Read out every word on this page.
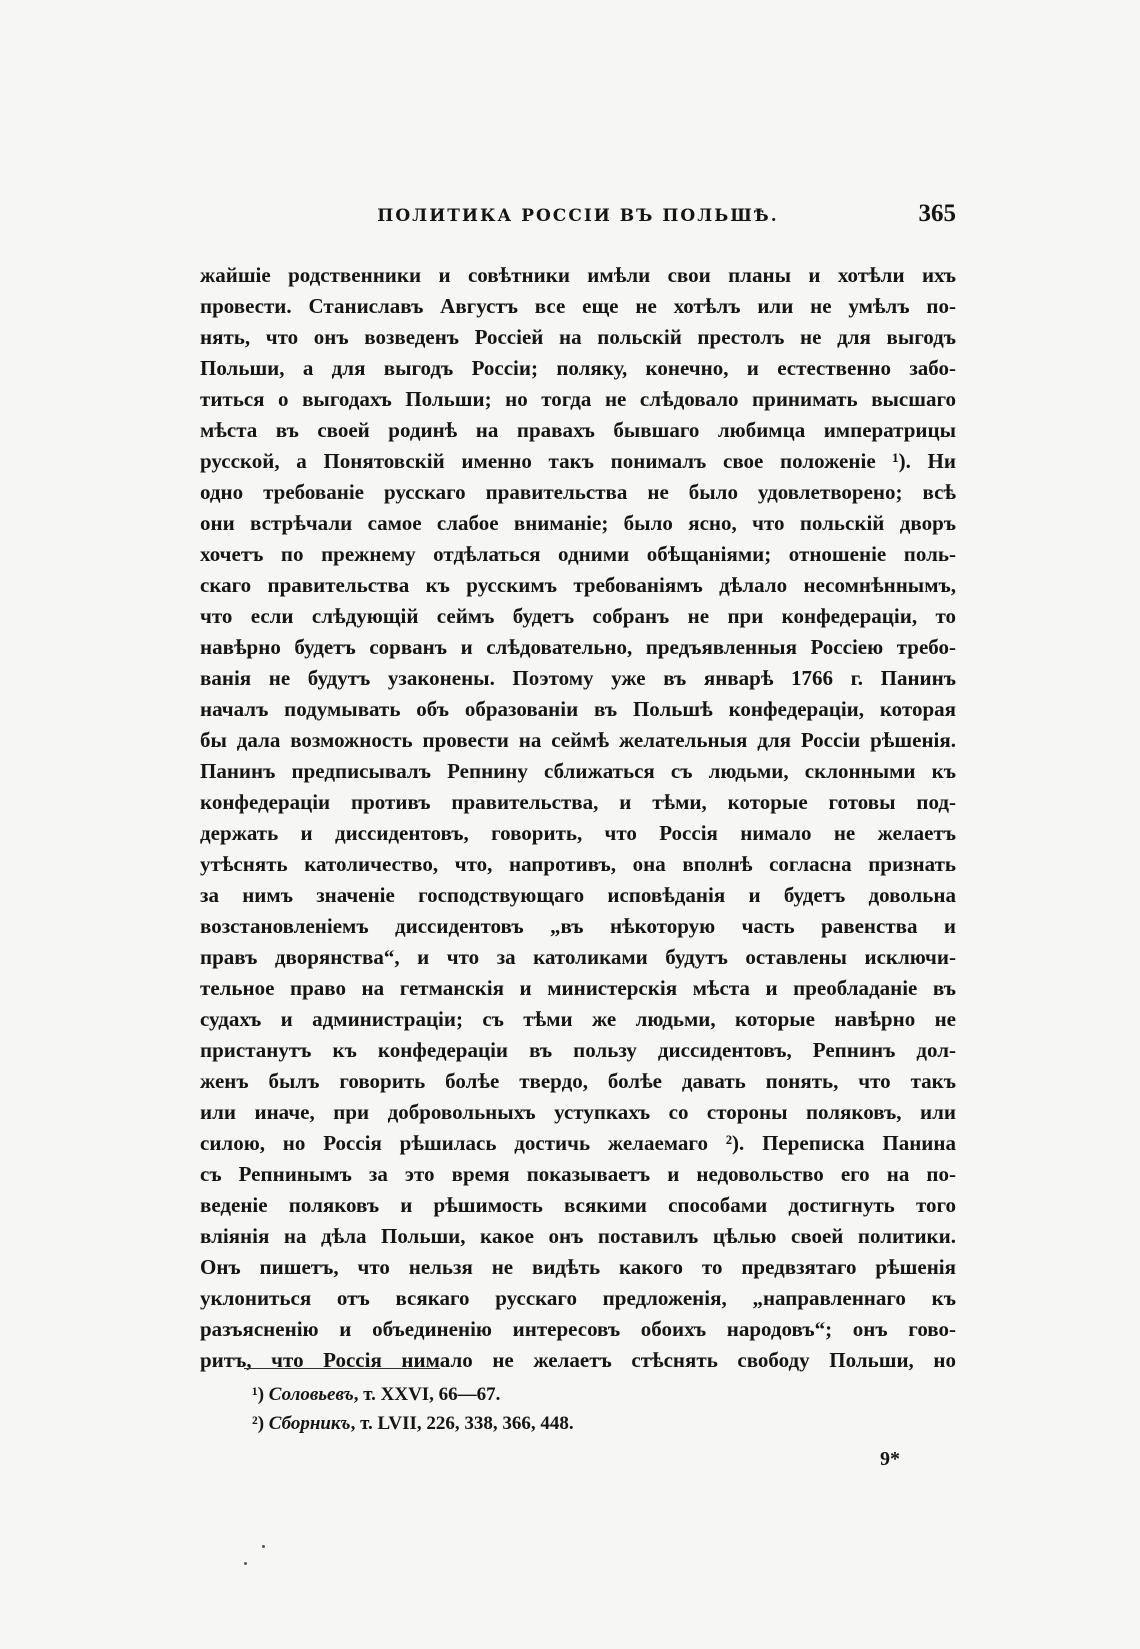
ПОЛИТИКА РОССІИ ВЪ ПОЛЬШѢ.	365
жайшіе родственники и совѣтники имѣли свои планы и хотѣли ихъ
провести. Станиславъ Августъ все еще не хотѣлъ или не умѣлъ по-
нять, что онъ возведенъ Россіей на польскій престолъ не для выгодъ
Польши, а для выгодъ Россіи; поляку, конечно, и естественно забо-
титься о выгодахъ Польши; но тогда не слѣдовало принимать высшаго
мѣста въ своей родинѣ на правахъ бывшаго любимца императрицы
русской, а Понятовскій именно такъ понималъ свое положеніе ¹). Ни
одно требованіе русскаго правительства не было удовлетворено; всѣ
они встрѣчали самое слабое вниманіе; было ясно, что польскій дворъ
хочетъ по прежнему отдѣлаться одними обѣщаніями; отношеніе поль-
скаго правительства къ русскимъ требованіямъ дѣлало несомнѣннымъ,
что если слѣдующій сеймъ будетъ собранъ не при конфедераціи, то
навѣрно будетъ сорванъ и слѣдовательно, предъявленныя Россіею требо-
ванія не будутъ узаконены. Поэтому уже въ январѣ 1766 г. Панинъ
началъ подумывать объ образованіи въ Польшѣ конфедераціи, которая
бы дала возможность провести на сеймѣ желательныя для Россіи рѣшенія.
Панинъ предписывалъ Репнину сближаться съ людьми, склонными къ
конфедераціи противъ правительства, и тѣми, которые готовы под-
держать и диссидентовъ, говорить, что Россія нимало не желаетъ
утѣснять католичество, что, напротивъ, она вполнѣ согласна признать
за нимъ значеніе господствующаго исповѣданія и будетъ довольна
возстановленіемъ диссидентовъ „въ нѣкоторую часть равенства и
правъ дворянства“, и что за католиками будутъ оставлены исключи-
тельное право на гетманскія и министерскія мѣста и преобладаніе въ
судахъ и администраціи; съ тѣми же людьми, которые навѣрно не
пристанутъ къ конфедераціи въ пользу диссидентовъ, Репнинъ дол-
женъ былъ говорить болѣе твердо, болѣе давать понять, что такъ
или иначе, при добровольныхъ уступкахъ со стороны поляковъ, или
силою, но Россія рѣшилась достичь желаемаго ²). Переписка Панина
съ Репнинымъ за это время показываетъ и недовольство его на по-
веденіе поляковъ и рѣшимость всякими способами достигнуть того
вліянія на дѣла Польши, какое онъ поставилъ цѣлью своей политики.
Онъ пишетъ, что нельзя не видѣть какого то предвзятаго рѣшенія
уклониться отъ всякаго русскаго предложенія, „направленнаго къ
разъясненію и объединенію интересовъ обоихъ народовъ“; онъ гово-
ритъ, что Россія нимало не желаетъ стѣснять свободу Польши, но
¹) Соловьевъ, т. XXVI, 66—67.
²) Сборникъ, т. LVII, 226, 338, 366, 448.
9*
